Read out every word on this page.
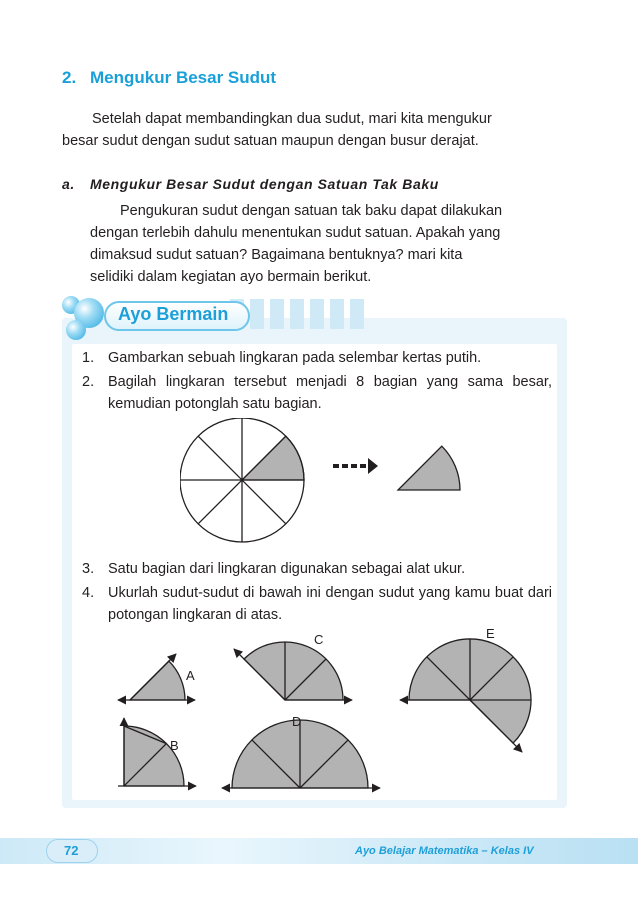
2. Mengukur Besar Sudut
Setelah dapat membandingkan dua sudut, mari kita mengukur
besar sudut dengan sudut satuan maupun dengan busur derajat.
a. Mengukur Besar Sudut dengan Satuan Tak Baku
Pengukuran sudut dengan satuan tak baku dapat dilakukan
dengan terlebih dahulu menentukan sudut satuan. Apakah yang
dimaksud sudut satuan? Bagaimana bentuknya? mari kita
selidiki dalam kegiatan ayo bermain berikut.
Ayo Bermain
1. Gambarkan sebuah lingkaran pada selembar kertas putih.
2. Bagilah lingkaran tersebut menjadi 8 bagian yang sama besar, kemudian potonglah satu bagian.
3. Satu bagian dari lingkaran digunakan sebagai alat ukur.
4. Ukurlah sudut-sudut di bawah ini dengan sudut yang kamu buat dari potongan lingkaran di atas.
A
B
C
D
E
72	Ayo Belajar Matematika – Kelas IV
